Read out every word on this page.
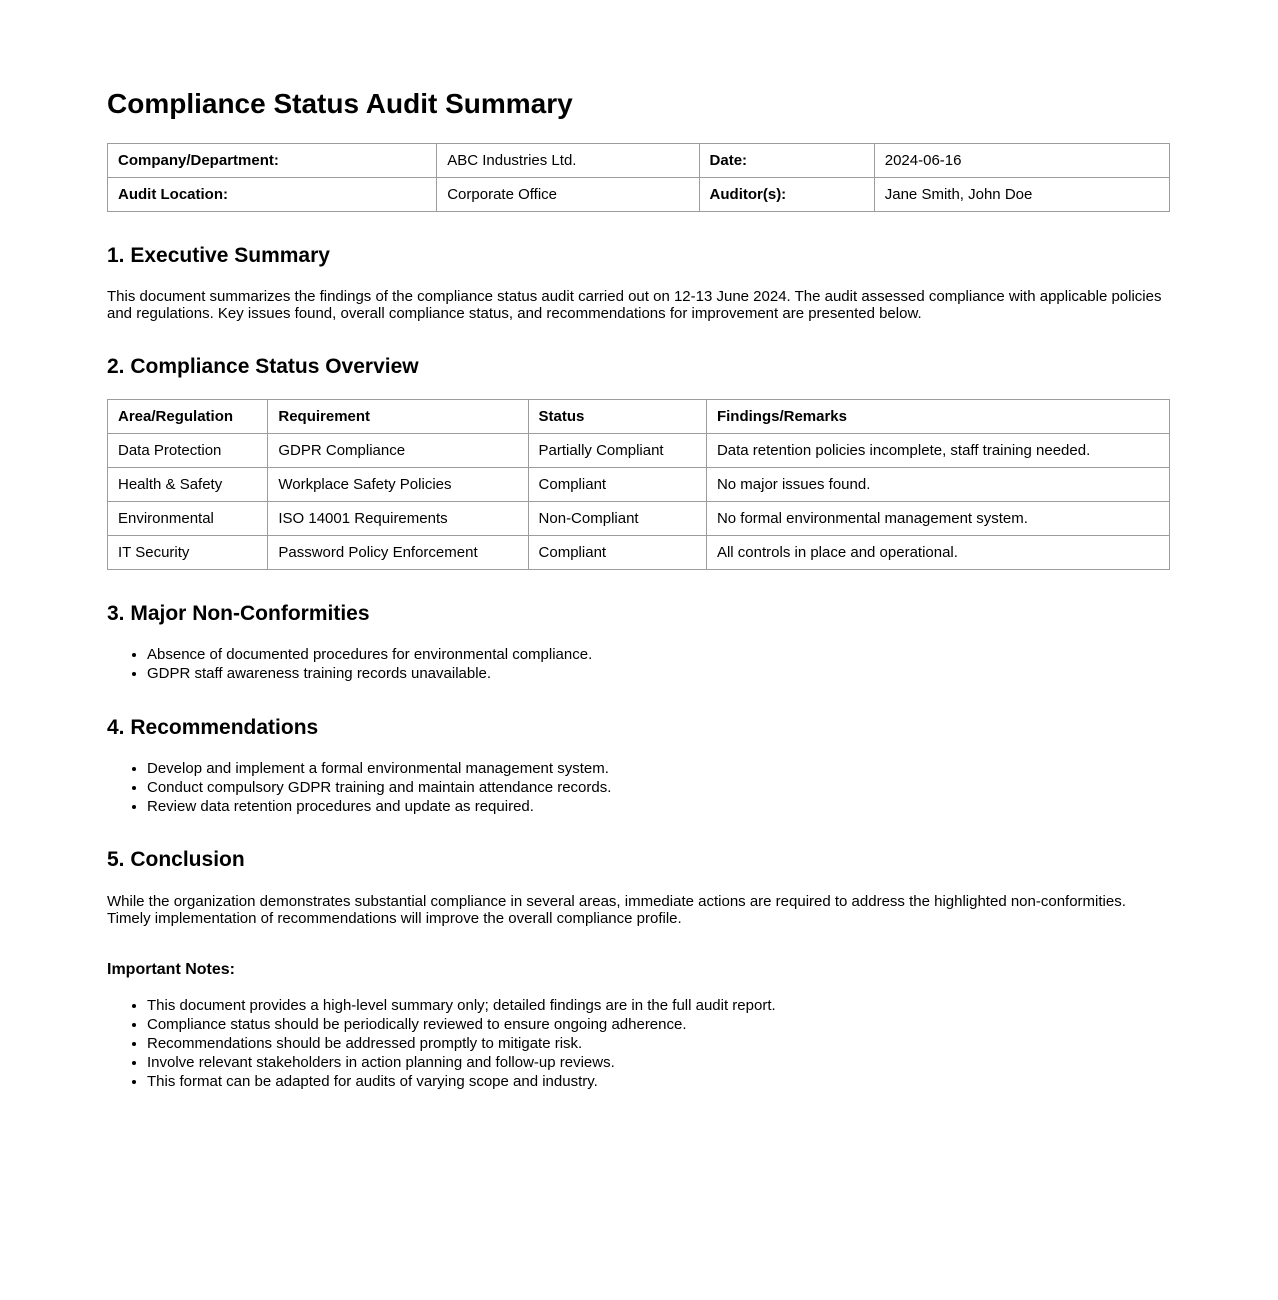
Compliance Status Audit Summary
Company/Department:	ABC Industries Ltd.	Date:	2024-06-16
Audit Location:	Corporate Office	Auditor(s):	Jane Smith, John Doe
1. Executive Summary

This document summarizes the findings of the compliance status audit carried out on 12-13 June 2024. The audit assessed compliance with applicable policies and regulations. Key issues found, overall compliance status, and recommendations for improvement are presented below.

2. Compliance Status Overview
Area/Regulation	Requirement	Status	Findings/Remarks
Data Protection	GDPR Compliance	Partially Compliant	Data retention policies incomplete, staff training needed.
Health & Safety	Workplace Safety Policies	Compliant	No major issues found.
Environmental	ISO 14001 Requirements	Non-Compliant	No formal environmental management system.
IT Security	Password Policy Enforcement	Compliant	All controls in place and operational.
3. Major Non-Conformities
• Absence of documented procedures for environmental compliance.
• GDPR staff awareness training records unavailable.
4. Recommendations
• Develop and implement a formal environmental management system.
• Conduct compulsory GDPR training and maintain attendance records.
• Review data retention procedures and update as required.
5. Conclusion

While the organization demonstrates substantial compliance in several areas, immediate actions are required to address the highlighted non-conformities. Timely implementation of recommendations will improve the overall compliance profile.

Important Notes:
• This document provides a high-level summary only; detailed findings are in the full audit report.
• Compliance status should be periodically reviewed to ensure ongoing adherence.
• Recommendations should be addressed promptly to mitigate risk.
• Involve relevant stakeholders in action planning and follow-up reviews.
• This format can be adapted for audits of varying scope and industry.
